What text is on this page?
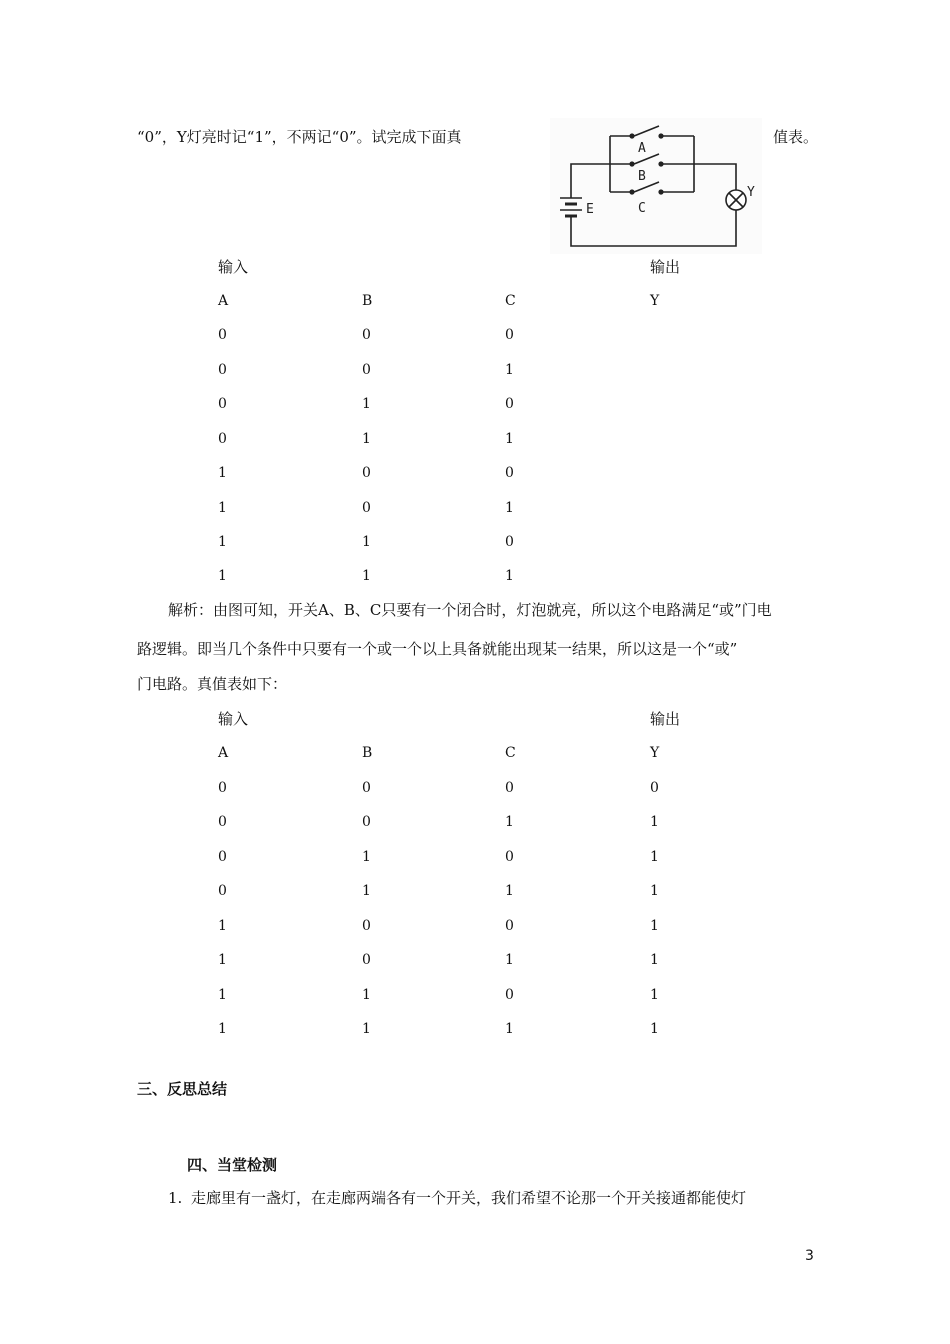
“0”，Y灯亮时记“1”，不两记“0”。试完成下面真	值表。
A
B
C
E
Y
输入	输出
A	B	C	Y
0	0	0
0	0	1
0	1	0
0	1	1
1	0	0
1	0	1
1	1	0
1	1	1
解析：由图可知，开关A、B、C只要有一个闭合时，灯泡就亮，所以这个电路满足“或”门电
路逻辑。即当几个条件中只要有一个或一个以上具备就能出现某一结果，所以这是一个“或”
门电路。真值表如下：
输入	输出
A	B	C	Y
0	0	0	0
0	0	1	1
0	1	0	1
0	1	1	1
1	0	0	1
1	0	1	1
1	1	0	1
1	1	1	1
三、反思总结
四、当堂检测
1. 走廊里有一盏灯，在走廊两端各有一个开关，我们希望不论那一个开关接通都能使灯
3
